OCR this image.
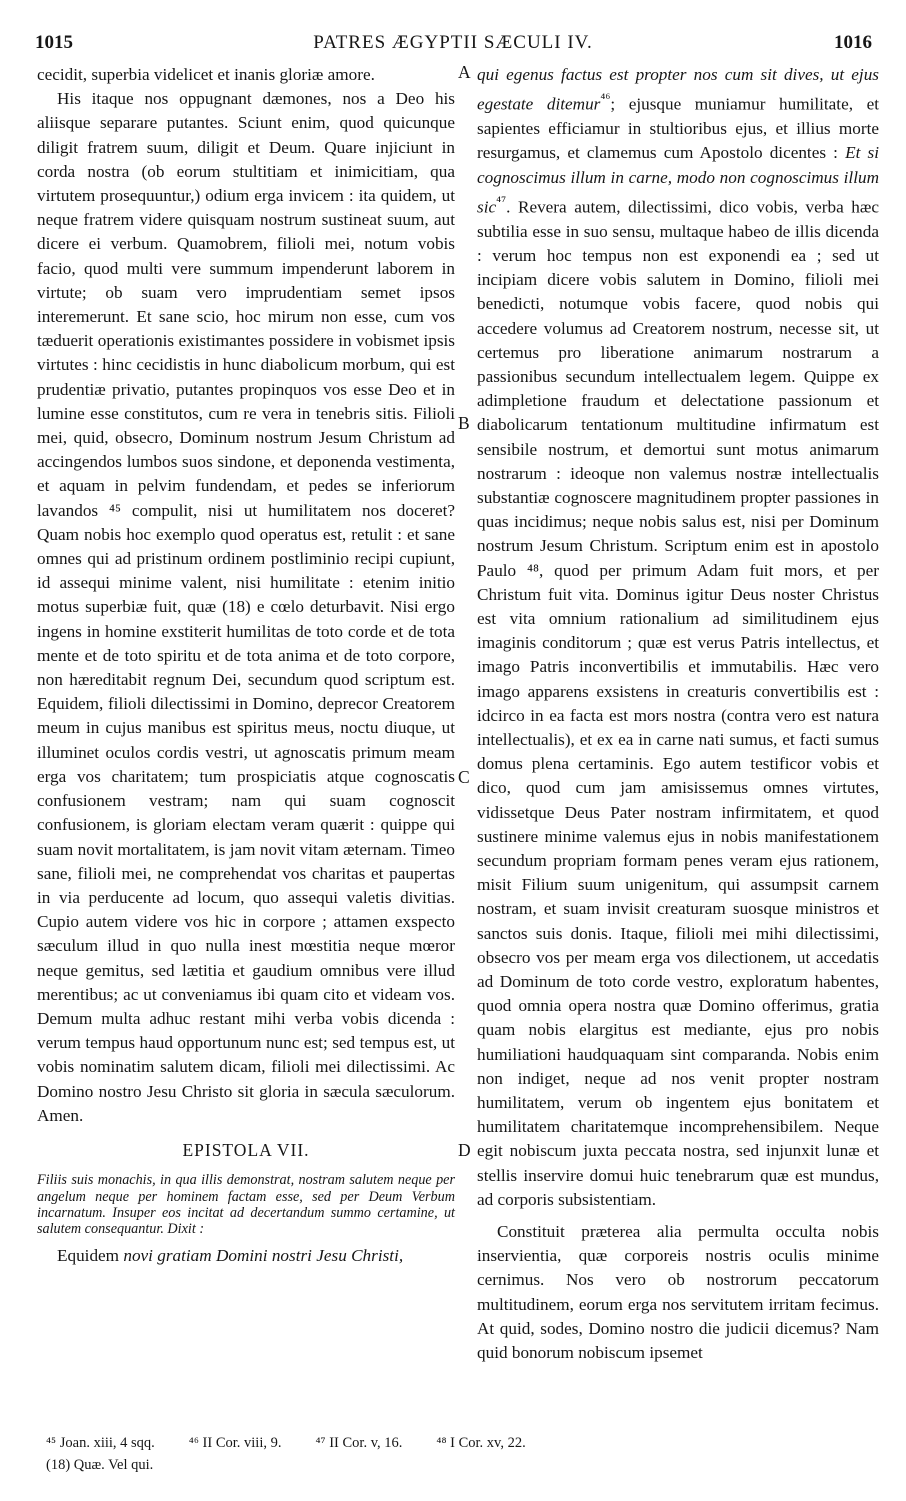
1015	PATRES ÆGYPTII SÆCULI IV.	1016

cecidit, superbia videlicet et inanis gloriæ amore.

His itaque nos oppugnant dæmones, nos a Deo his aliisque separare putantes. Sciunt enim, quod quicunque diligit fratrem suum, diligit et Deum. Quare injiciunt in corda nostra (ob eorum stultitiam et inimicitiam, qua virtutem prosequuntur,) odium erga invicem : ita quidem, ut neque fratrem videre quisquam nostrum sustineat suum, aut dicere ei verbum. Quamobrem, filioli mei, notum vobis facio, quod multi vere summum impenderunt laborem in virtute; ob suam vero imprudentiam semet ipsos interemerunt. Et sane scio, hoc mirum non esse, cum vos tæduerit operationis existimantes possidere in vobismet ipsis virtutes : hinc cecidistis in hunc diabolicum morbum, qui est prudentiæ privatio, putantes propinquos vos esse Deo et in lumine esse constitutos, cum re vera in tenebris sitis. Filioli mei, quid, obsecro, Dominum nostrum Jesum Christum ad accingendos lumbos suos sindone, et deponenda vestimenta, et aquam in pelvim fundendam, et pedes se inferiorum lavandos ⁴⁵ compulit, nisi ut humilitatem nos doceret? Quam nobis hoc exemplo quod operatus est, retulit : et sane omnes qui ad pristinum ordinem postliminio recipi cupiunt, id assequi minime valent, nisi humilitate : etenim initio motus superbiæ fuit, quæ (18) e cœlo deturbavit. Nisi ergo ingens in homine exstiterit humilitas de toto corde et de tota mente et de toto spiritu et de tota anima et de toto corpore, non hæreditabit regnum Dei, secundum quod scriptum est. Equidem, filioli dilectissimi in Domino, deprecor Creatorem meum in cujus manibus est spiritus meus, noctu diuque, ut illuminet oculos cordis vestri, ut agnoscatis primum meam erga vos charitatem; tum prospiciatis atque cognoscatis confusionem vestram; nam qui suam cognoscit confusionem, is gloriam electam veram quærit : quippe qui suam novit mortalitatem, is jam novit vitam æternam. Timeo sane, filioli mei, ne comprehendat vos charitas et paupertas in via perducente ad locum, quo assequi valetis divitias. Cupio autem videre vos hic in corpore ; attamen exspecto sæculum illud in quo nulla inest mœstitia neque mœror neque gemitus, sed lætitia et gaudium omnibus vere illud merentibus; ac ut conveniamus ibi quam cito et videam vos. Demum multa adhuc restant mihi verba vobis dicenda : verum tempus haud opportunum nunc est; sed tempus est, ut vobis nominatim salutem dicam, filioli mei dilectissimi. Ac Domino nostro Jesu Christo sit gloria in sæcula sæculorum. Amen.

EPISTOLA VII.

Filiis suis monachis, in qua illis demonstrat, nostram salutem neque per angelum neque per hominem factam esse, sed per Deum Verbum incarnatum. Insuper eos incitat ad decertandum summo certamine, ut salutem consequantur. Dixit :

Equidem novi gratiam Domini nostri Jesu Christi,

qui egenus factus est propter nos cum sit dives, ut ejus egestate ditemur$^{^{46}}$; ejusque muniamur humilitate, et sapientes efficiamur in stultioribus ejus, et illius morte resurgamus, et clamemus cum Apostolo dicentes : Et si cognoscimus illum in carne, modo non cognoscimus illum sic$^{^{47}}$. Revera autem, dilectissimi, dico vobis, verba hæc subtilia esse in suo sensu, multaque habeo de illis dicenda : verum hoc tempus non est exponendi ea ; sed ut incipiam dicere vobis salutem in Domino, filioli mei benedicti, notumque vobis facere, quod nobis qui accedere volumus ad Creatorem nostrum, necesse sit, ut certemus pro liberatione animarum nostrarum a passionibus secundum intellectualem legem. Quippe ex adimpletione fraudum et delectatione passionum et diabolicarum tentationum multitudine infirmatum est sensibile nostrum, et demortui sunt motus animarum nostrarum : ideoque non valemus nostræ intellectualis substantiæ cognoscere magnitudinem propter passiones in quas incidimus; neque nobis salus est, nisi per Dominum nostrum Jesum Christum. Scriptum enim est in apostolo Paulo ⁴⁸, quod per primum Adam fuit mors, et per Christum fuit vita. Dominus igitur Deus noster Christus est vita omnium rationalium ad similitudinem ejus imaginis conditorum ; quæ est verus Patris intellectus, et imago Patris inconvertibilis et immutabilis. Hæc vero imago apparens exsistens in creaturis convertibilis est : idcirco in ea facta est mors nostra (contra vero est natura intellectualis), et ex ea in carne nati sumus, et facti sumus domus plena certaminis. Ego autem testificor vobis et dico, quod cum jam amisissemus omnes virtutes, vidissetque Deus Pater nostram infirmitatem, et quod sustinere minime valemus ejus in nobis manifestationem secundum propriam formam penes veram ejus rationem, misit Filium suum unigenitum, qui assumpsit carnem nostram, et suam invisit creaturam suosque ministros et sanctos suis donis. Itaque, filioli mei mihi dilectissimi, obsecro vos per meam erga vos dilectionem, ut accedatis ad Dominum de toto corde vestro, exploratum habentes, quod omnia opera nostra quæ Domino offerimus, gratia quam nobis elargitus est mediante, ejus pro nobis humiliationi haudquaquam sint comparanda. Nobis enim non indiget, neque ad nos venit propter nostram humilitatem, verum ob ingentem ejus bonitatem et humilitatem charitatemque incomprehensibilem. Neque egit nobiscum juxta peccata nostra, sed injunxit lunæ et stellis inservire domui huic tenebrarum quæ est mundus, ad corporis subsistentiam.

Constituit præterea alia permulta occulta nobis inservientia, quæ corporeis nostris oculis minime cernimus. Nos vero ob nostrorum peccatorum multitudinem, eorum erga nos servitutem irritam fecimus. At quid, sodes, Domino nostro die judicii dicemus? Nam quid bonorum nobiscum ipsemet

A
B
C
D
⁴⁵ Joan. xiii, 4 sqq. ⁴⁶ II Cor. viii, 9. ⁴⁷ II Cor. v, 16. ⁴⁸ I Cor. xv, 22.
(18) Quæ. Vel qui.
